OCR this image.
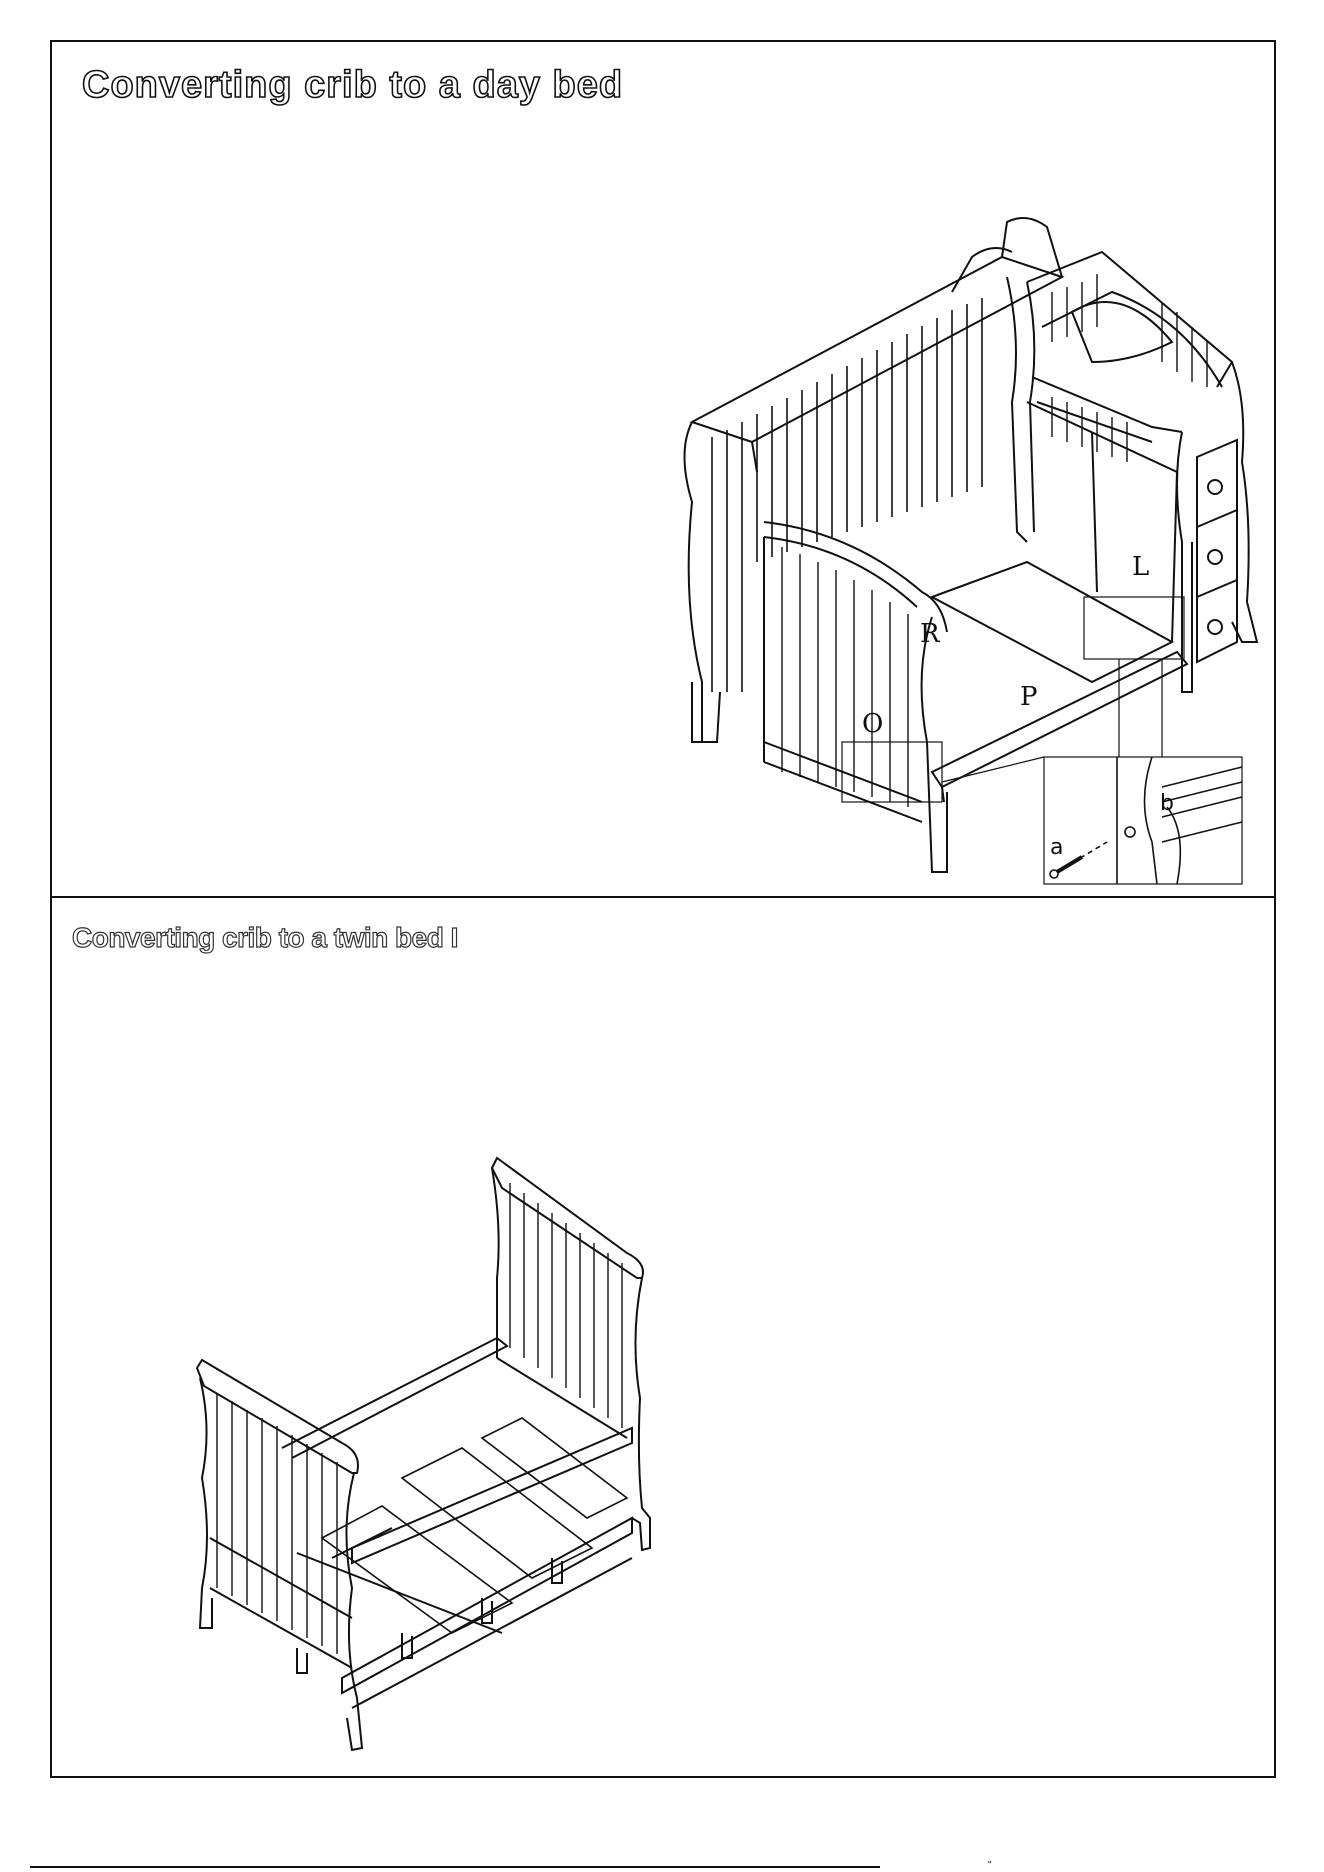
Converting crib to a day bed
R
L
P
O
a
b
Converting crib to a twin bed I
"
